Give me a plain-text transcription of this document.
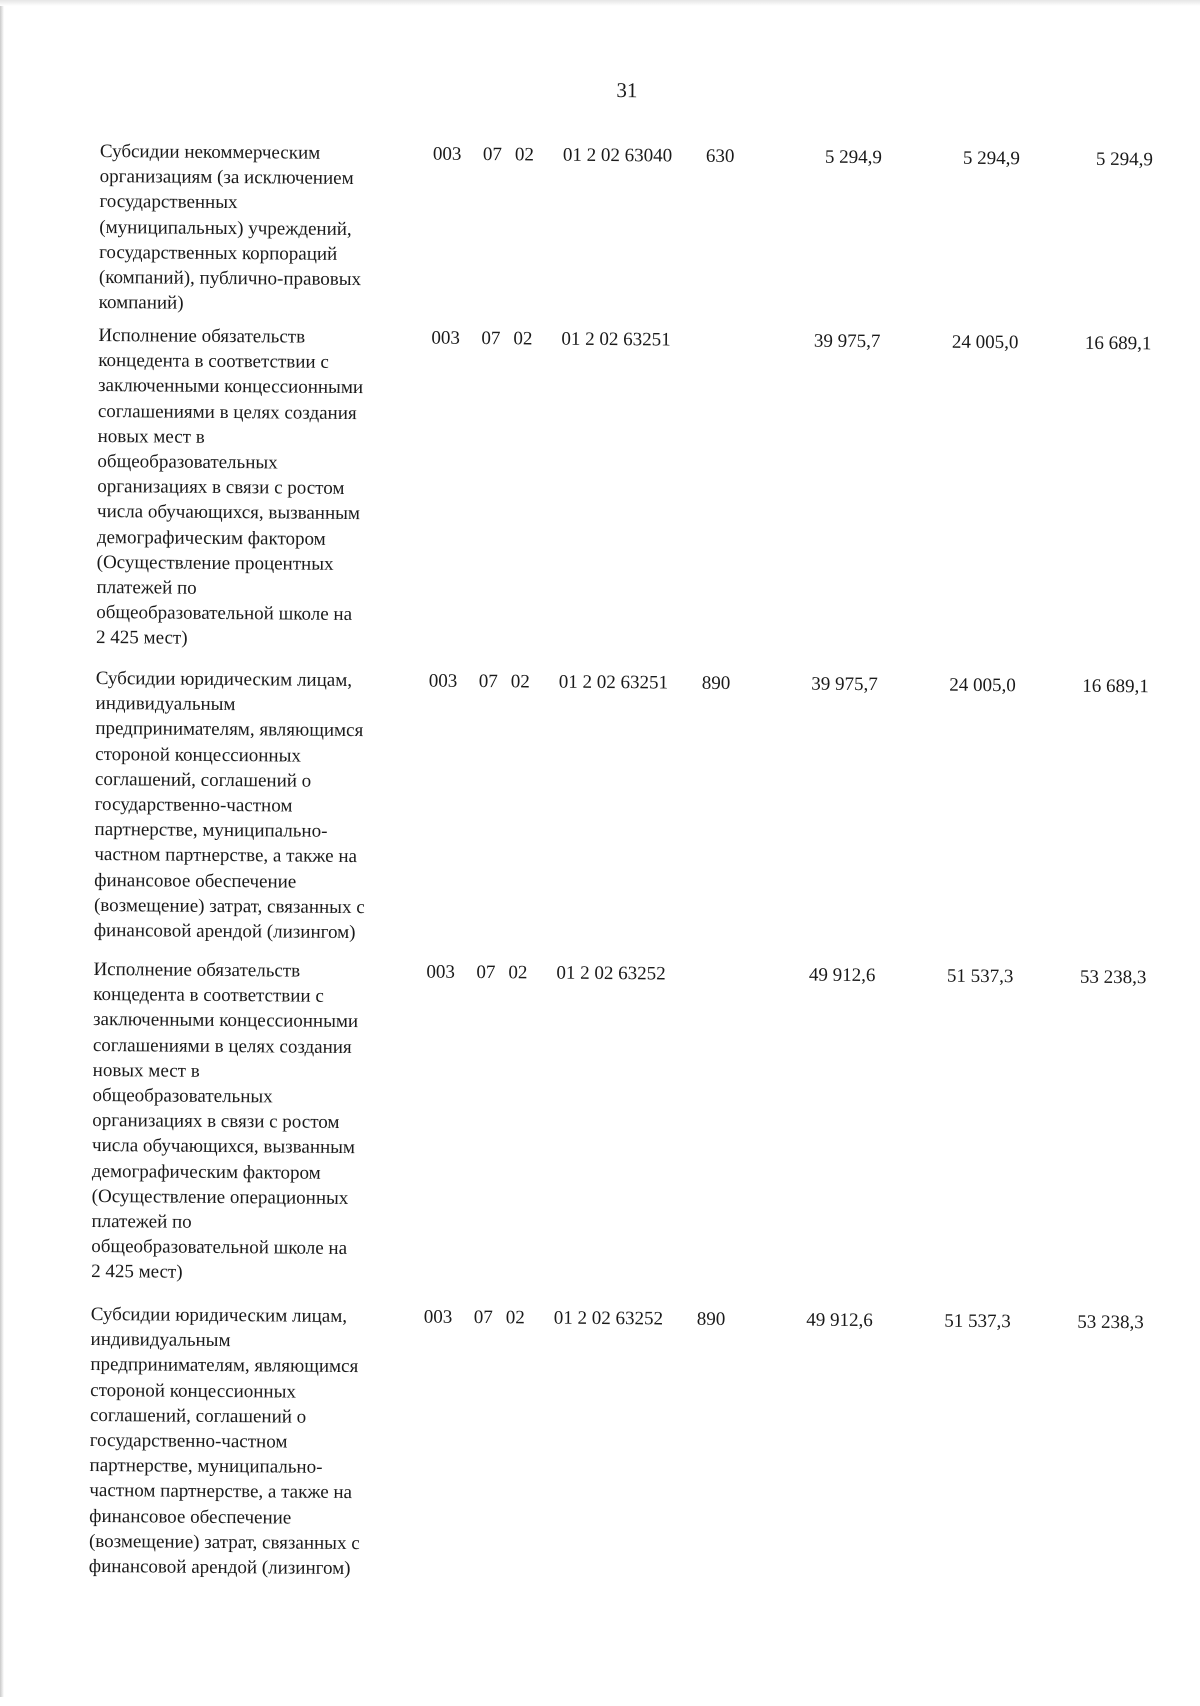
31
Субсидии некоммерческим
организациям (за исключением
государственных
(муниципальных) учреждений,
государственных корпораций
(компаний), публично-правовых
компаний)
003 07 02 01 2 02 63040 630	5 294,9	5 294,9	5 294,9
Исполнение обязательств
концедента в соответствии с
заключенными концессионными
соглашениями в целях создания
новых мест в
общеобразовательных
организациях в связи с ростом
числа обучающихся, вызванным
демографическим фактором
(Осуществление процентных
платежей по
общеобразовательной школе на
2 425 мест)
003 07 02 01 2 02 63251	39 975,7	24 005,0	16 689,1
Субсидии юридическим лицам,
индивидуальным
предпринимателям, являющимся
стороной концессионных
соглашений, соглашений о
государственно-частном
партнерстве, муниципально-
частном партнерстве, а также на
финансовое обеспечение
(возмещение) затрат, связанных с
финансовой арендой (лизингом)
003 07 02 01 2 02 63251 890	39 975,7	24 005,0	16 689,1
Исполнение обязательств
концедента в соответствии с
заключенными концессионными
соглашениями в целях создания
новых мест в
общеобразовательных
организациях в связи с ростом
числа обучающихся, вызванным
демографическим фактором
(Осуществление операционных
платежей по
общеобразовательной школе на
2 425 мест)
003 07 02 01 2 02 63252	49 912,6	51 537,3	53 238,3
Субсидии юридическим лицам,
индивидуальным
предпринимателям, являющимся
стороной концессионных
соглашений, соглашений о
государственно-частном
партнерстве, муниципально-
частном партнерстве, а также на
финансовое обеспечение
(возмещение) затрат, связанных с
финансовой арендой (лизингом)
003 07 02 01 2 02 63252 890	49 912,6	51 537,3	53 238,3
